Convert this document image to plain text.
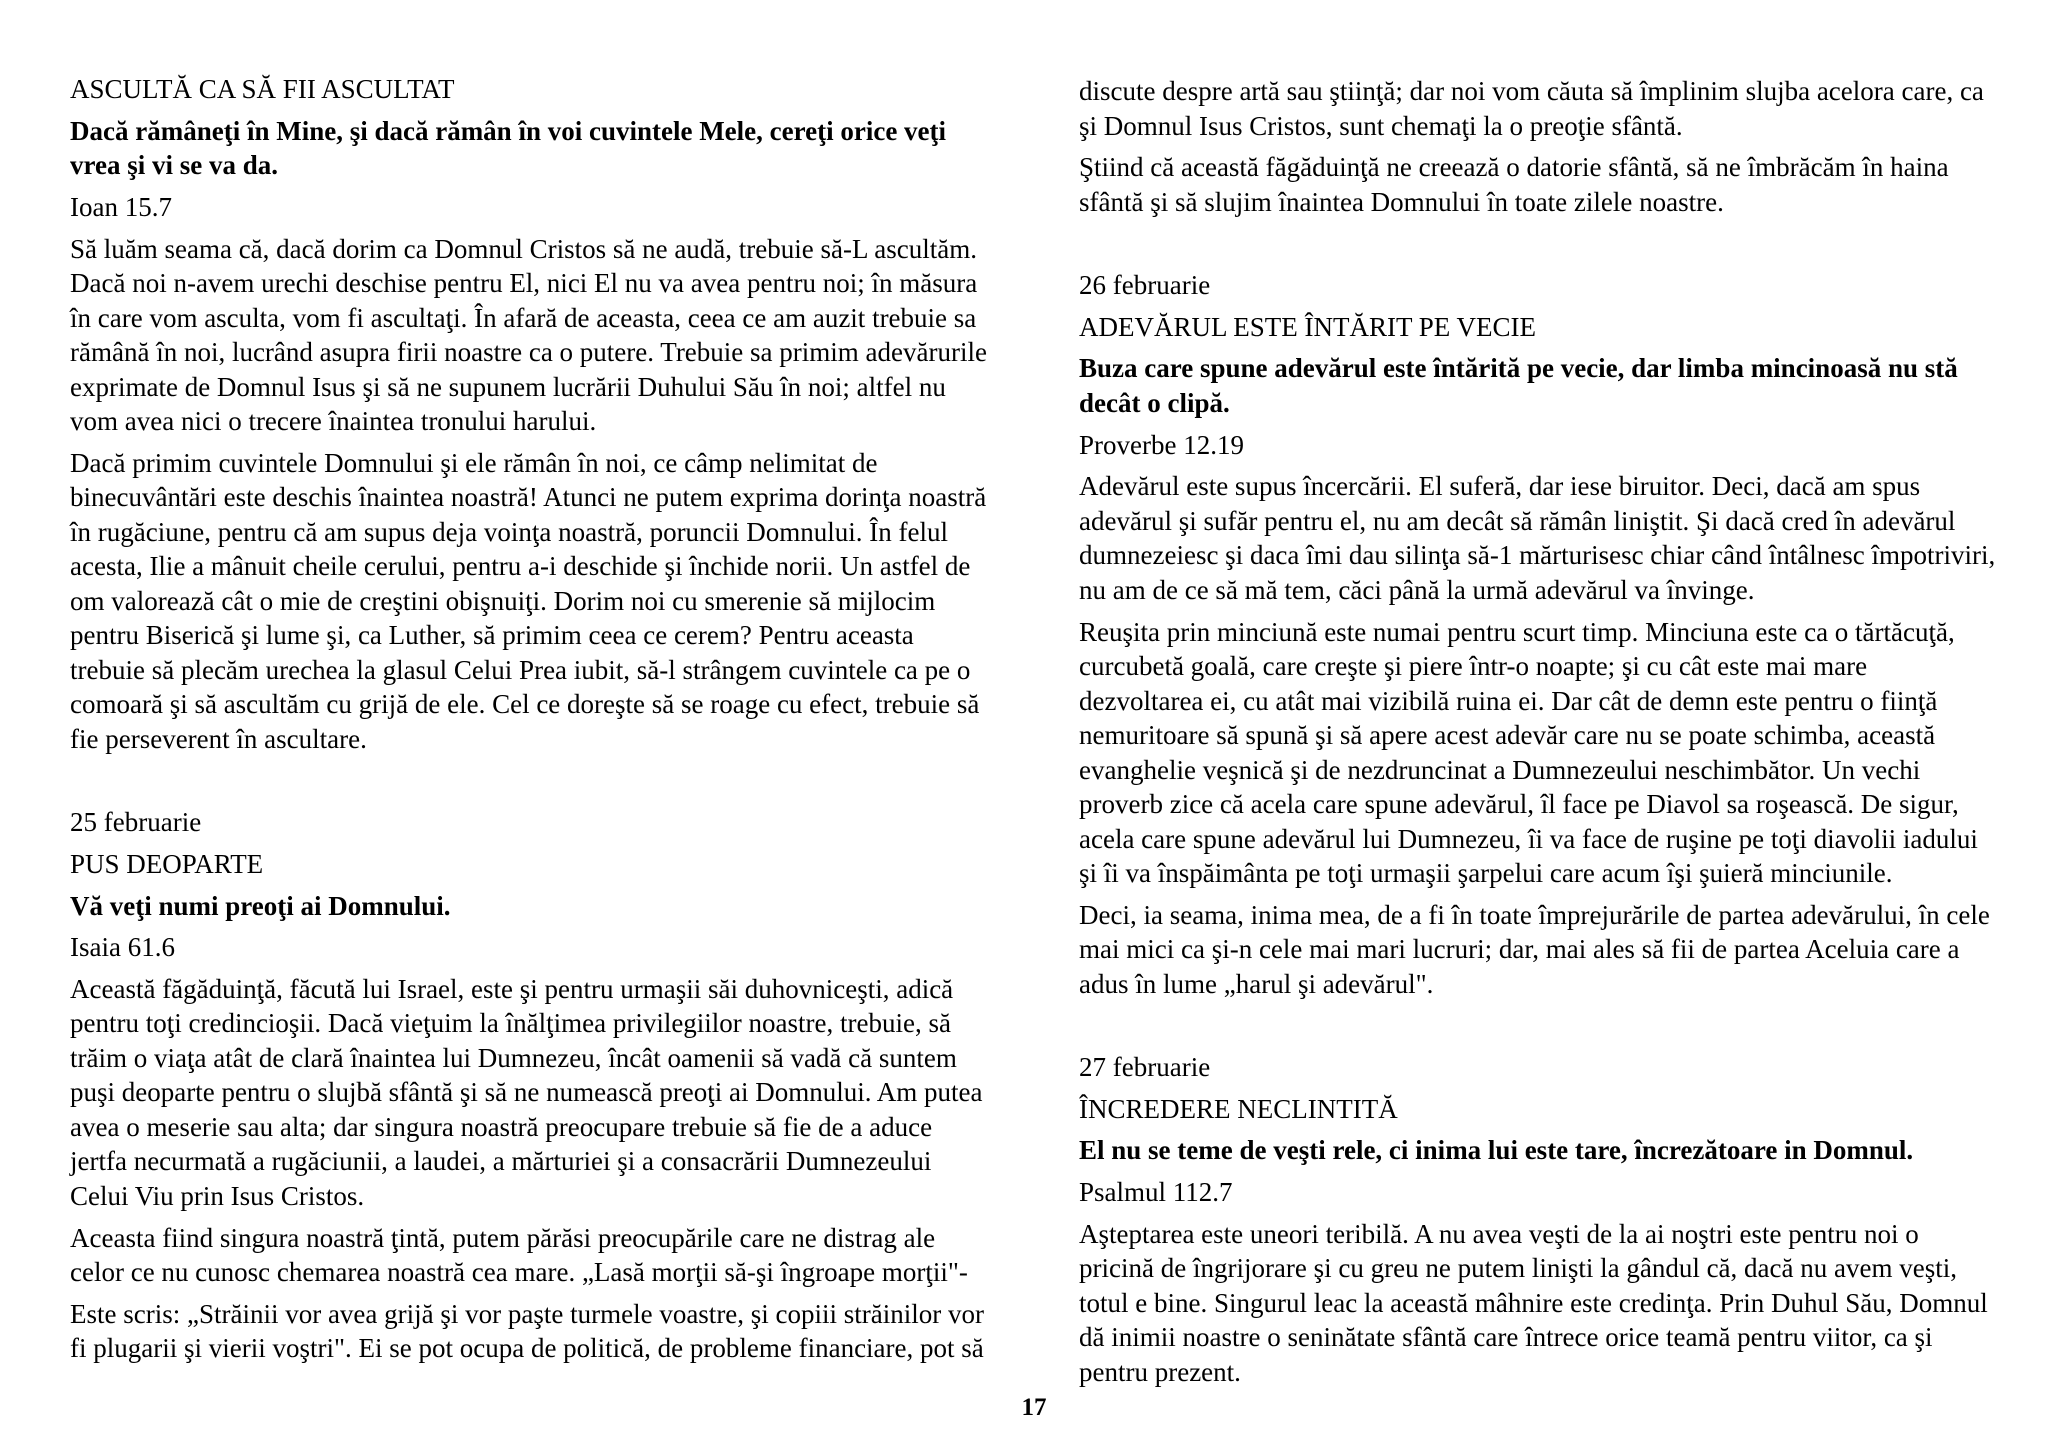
ASCULTĂ CA SĂ FII ASCULTAT
Dacă rămâneţi în Mine, şi dacă rămân în voi cuvintele Mele, cereţi orice veţi
vrea şi vi se va da.
Ioan 15.7
Să luăm seama că, dacă dorim ca Domnul Cristos să ne audă, trebuie să-L ascultăm.
Dacă noi n-avem urechi deschise pentru El, nici El nu va avea pentru noi; în măsura
în care vom asculta, vom fi ascultaţi. În afară de aceasta, ceea ce am auzit trebuie sa
rămână în noi, lucrând asupra firii noastre ca o putere. Trebuie sa primim adevărurile
exprimate de Domnul Isus şi să ne supunem lucrării Duhului Său în noi; altfel nu
vom avea nici o trecere înaintea tronului harului.
Dacă primim cuvintele Domnului şi ele rămân în noi, ce câmp nelimitat de
binecuvântări este deschis înaintea noastră! Atunci ne putem exprima dorinţa noastră
în rugăciune, pentru că am supus deja voinţa noastră, poruncii Domnului. În felul
acesta, Ilie a mânuit cheile cerului, pentru a-i deschide şi închide norii. Un astfel de
om valorează cât o mie de creştini obişnuiţi. Dorim noi cu smerenie să mijlocim
pentru Biserică şi lume şi, ca Luther, să primim ceea ce cerem? Pentru aceasta
trebuie să plecăm urechea la glasul Celui Prea iubit, să-l strângem cuvintele ca pe o
comoară şi să ascultăm cu grijă de ele. Cel ce doreşte să se roage cu efect, trebuie să
fie perseverent în ascultare.
25 februarie
PUS DEOPARTE
Vă veţi numi preoţi ai Domnului.
Isaia 61.6
Această făgăduinţă, făcută lui Israel, este şi pentru urmaşii săi duhovniceşti, adică
pentru toţi credincioşii. Dacă vieţuim la înălţimea privilegiilor noastre, trebuie, să
trăim o viaţa atât de clară înaintea lui Dumnezeu, încât oamenii să vadă că suntem
puşi deoparte pentru o slujbă sfântă şi să ne numească preoţi ai Domnului. Am putea
avea o meserie sau alta; dar singura noastră preocupare trebuie să fie de a aduce
jertfa necurmată a rugăciunii, a laudei, a mărturiei şi a consacrării Dumnezeului
Celui Viu prin Isus Cristos.
Aceasta fiind singura noastră ţintă, putem părăsi preocupările care ne distrag ale
celor ce nu cunosc chemarea noastră cea mare. „Lasă morţii să-şi îngroape morţii"-
Este scris: „Străinii vor avea grijă şi vor paşte turmele voastre, şi copiii străinilor vor
fi plugarii şi vierii voştri". Ei se pot ocupa de politică, de probleme financiare, pot să
discute despre artă sau ştiinţă; dar noi vom căuta să împlinim slujba acelora care, ca
şi Domnul Isus Cristos, sunt chemaţi la o preoţie sfântă.
Ştiind că această făgăduinţă ne creează o datorie sfântă, să ne îmbrăcăm în haina
sfântă şi să slujim înaintea Domnului în toate zilele noastre.
26 februarie
ADEVĂRUL ESTE ÎNTĂRIT PE VECIE
Buza care spune adevărul este întărită pe vecie, dar limba mincinoasă nu stă
decât o clipă.
Proverbe 12.19
Adevărul este supus încercării. El suferă, dar iese biruitor. Deci, dacă am spus
adevărul şi sufăr pentru el, nu am decât să rămân liniştit. Şi dacă cred în adevărul
dumnezeiesc şi daca îmi dau silinţa să-1 mărturisesc chiar când întâlnesc împotriviri,
nu am de ce să mă tem, căci până la urmă adevărul va învinge.
Reuşita prin minciună este numai pentru scurt timp. Minciuna este ca o tărtăcuţă,
curcubetă goală, care creşte şi piere într-o noapte; şi cu cât este mai mare
dezvoltarea ei, cu atât mai vizibilă ruina ei. Dar cât de demn este pentru o fiinţă
nemuritoare să spună şi să apere acest adevăr care nu se poate schimba, această
evanghelie veşnică şi de nezdruncinat a Dumnezeului neschimbător. Un vechi
proverb zice că acela care spune adevărul, îl face pe Diavol sa roşească. De sigur,
acela care spune adevărul lui Dumnezeu, îi va face de ruşine pe toţi diavolii iadului
şi îi va înspăimânta pe toţi urmaşii şarpelui care acum îşi şuieră minciunile.
Deci, ia seama, inima mea, de a fi în toate împrejurările de partea adevărului, în cele
mai mici ca şi-n cele mai mari lucruri; dar, mai ales să fii de partea Aceluia care a
adus în lume „harul şi adevărul".
27 februarie
ÎNCREDERE NECLINTITĂ
El nu se teme de veşti rele, ci inima lui este tare, încrezătoare in Domnul.
Psalmul 112.7
Aşteptarea este uneori teribilă. A nu avea veşti de la ai noştri este pentru noi o
pricină de îngrijorare şi cu greu ne putem linişti la gândul că, dacă nu avem veşti,
totul e bine. Singurul leac la această mâhnire este credinţa. Prin Duhul Său, Domnul
dă inimii noastre o seninătate sfântă care întrece orice teamă pentru viitor, ca şi
pentru prezent.
17
